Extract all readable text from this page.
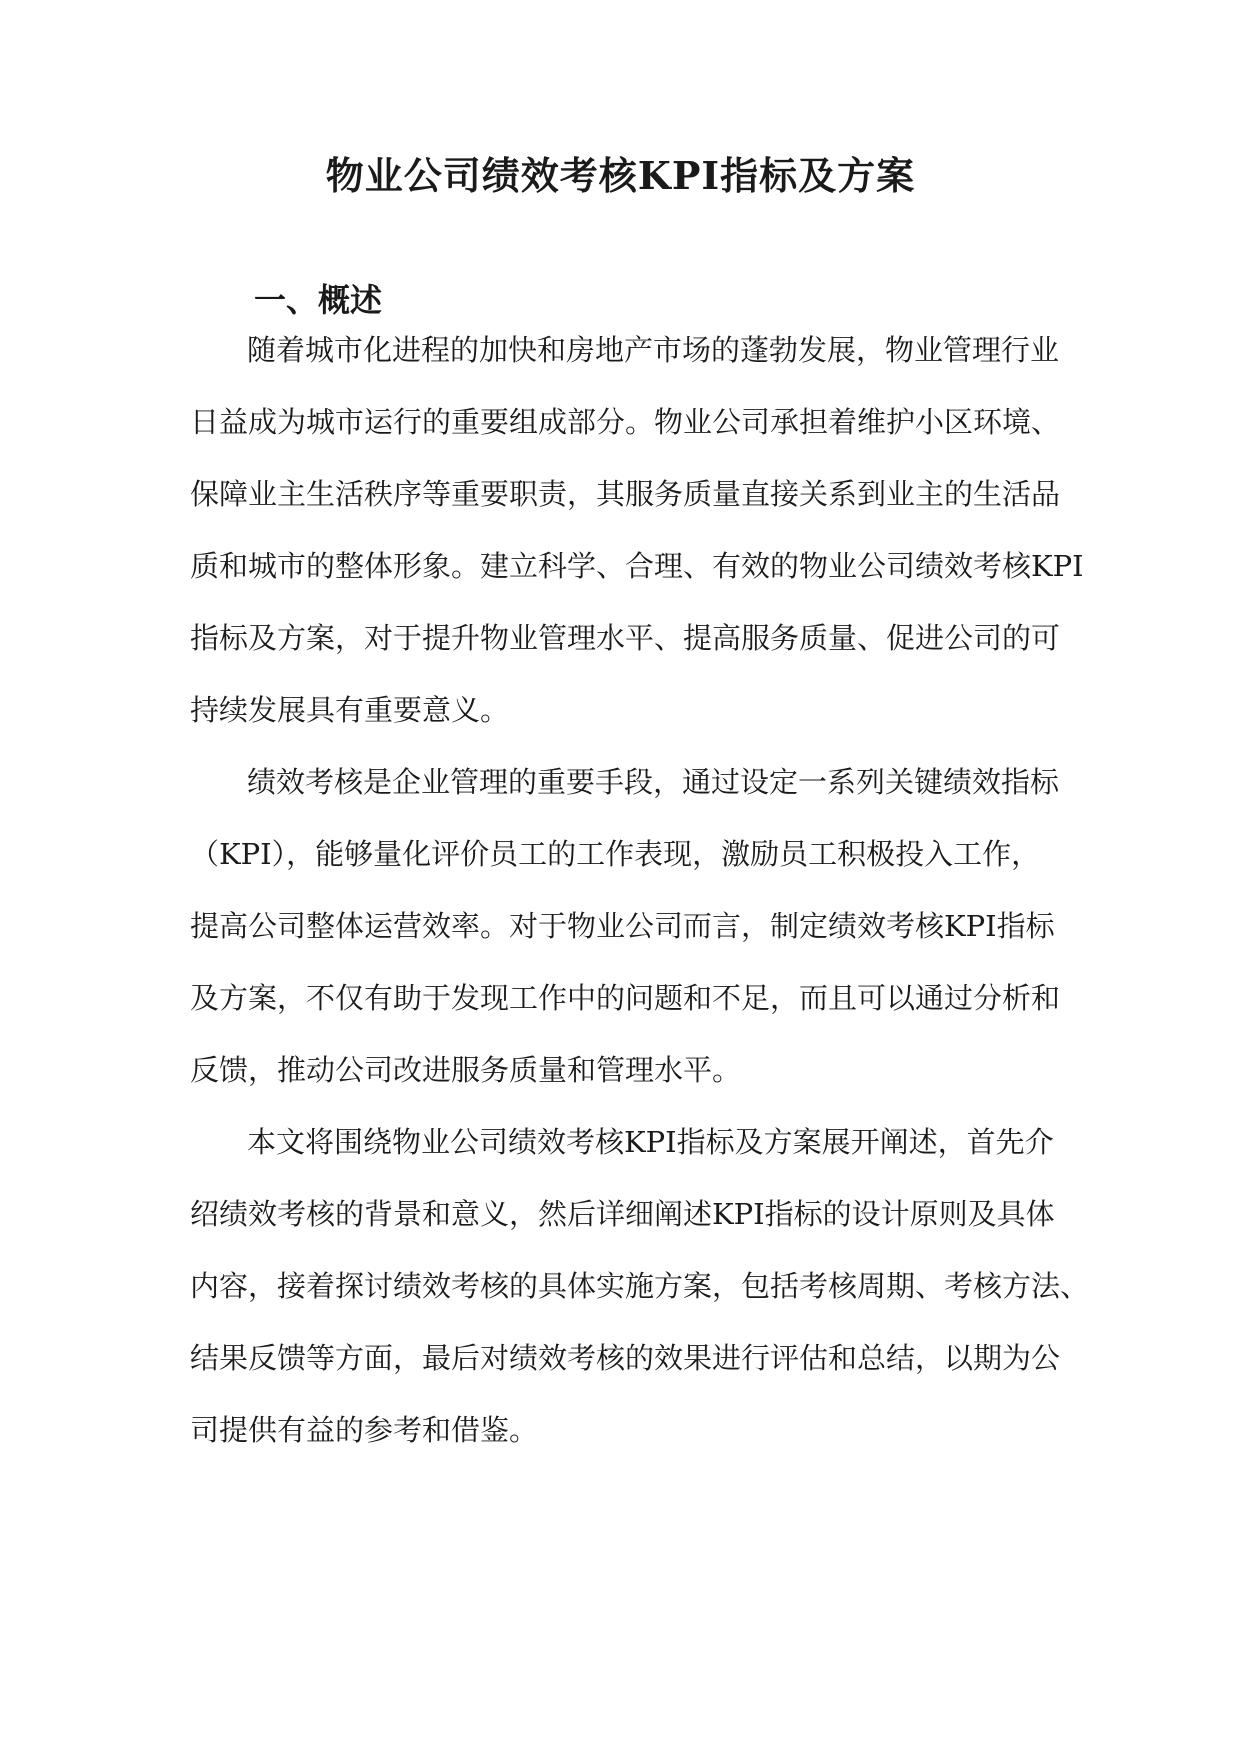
物业公司绩效考核KPI指标及方案
一、概述
随着城市化进程的加快和房地产市场的蓬勃发展，物业管理行业
日益成为城市运行的重要组成部分。物业公司承担着维护小区环境、
保障业主生活秩序等重要职责，其服务质量直接关系到业主的生活品
质和城市的整体形象。建立科学、合理、有效的物业公司绩效考核KPI
指标及方案，对于提升物业管理水平、提高服务质量、促进公司的可
持续发展具有重要意义。
绩效考核是企业管理的重要手段，通过设定一系列关键绩效指标
（KPI），能够量化评价员工的工作表现，激励员工积极投入工作，
提高公司整体运营效率。对于物业公司而言，制定绩效考核KPI指标
及方案，不仅有助于发现工作中的问题和不足，而且可以通过分析和
反馈，推动公司改进服务质量和管理水平。
本文将围绕物业公司绩效考核KPI指标及方案展开阐述，首先介
绍绩效考核的背景和意义，然后详细阐述KPI指标的设计原则及具体
内容，接着探讨绩效考核的具体实施方案，包括考核周期、考核方法、
结果反馈等方面，最后对绩效考核的效果进行评估和总结，以期为公
司提供有益的参考和借鉴。
